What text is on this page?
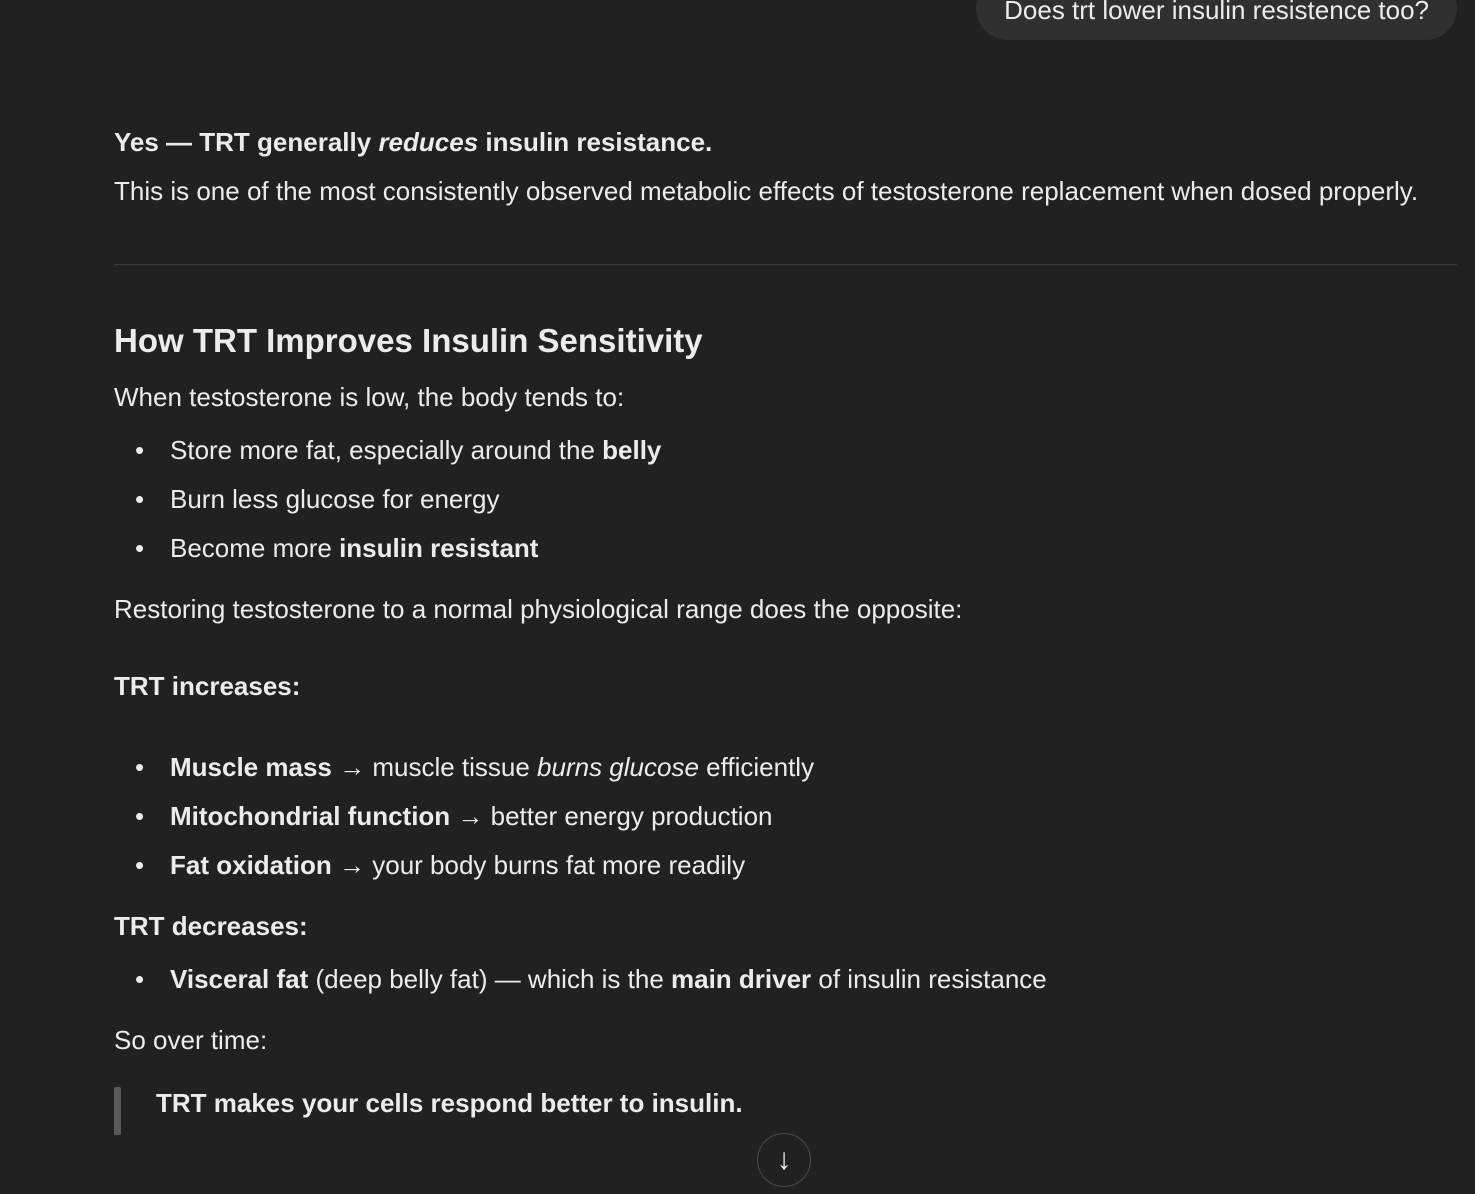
Does trt lower insulin resistence too?

Yes — TRT generally reduces insulin resistance.

This is one of the most consistently observed metabolic effects of testosterone replacement when dosed properly.

How TRT Improves Insulin Sensitivity

When testosterone is low, the body tends to:

• Store more fat, especially around the belly
• Burn less glucose for energy
• Become more insulin resistant

Restoring testosterone to a normal physiological range does the opposite:

TRT increases:

• Muscle mass → muscle tissue burns glucose efficiently
• Mitochondrial function → better energy production
• Fat oxidation → your body burns fat more readily

TRT decreases:

• Visceral fat (deep belly fat) — which is the main driver of insulin resistance

So over time:

TRT makes your cells respond better to insulin.
↓
